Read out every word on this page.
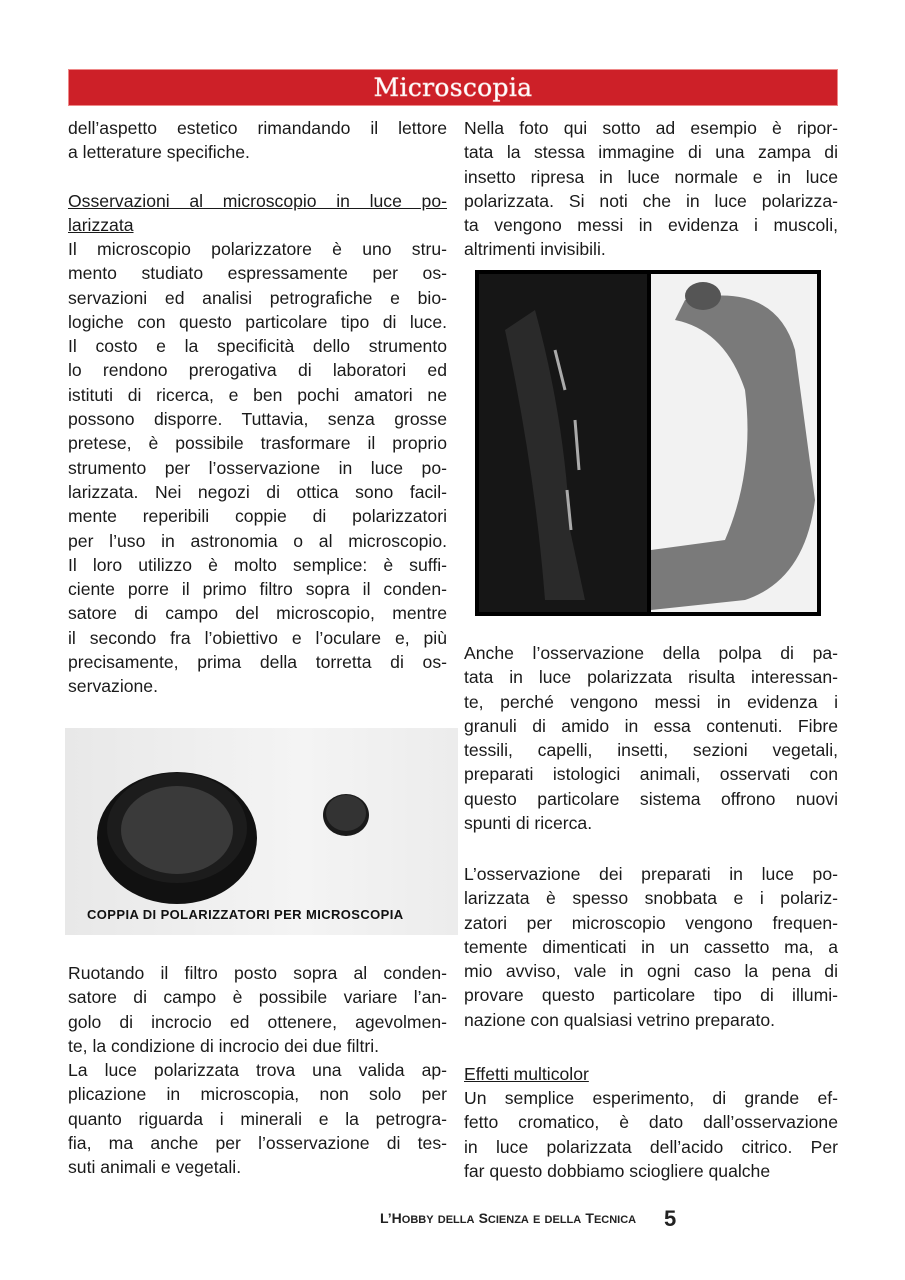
Microscopia
dell’aspetto estetico rimandando il lettore
a letterature specifiche.
Osservazioni al microscopio in luce po-
larizzata
Il microscopio polarizzatore è uno stru-
mento studiato espressamente per os-
servazioni ed analisi petrografiche e bio-
logiche con questo particolare tipo di luce.
Il costo e la specificità dello strumento
lo rendono prerogativa di laboratori ed
istituti di ricerca, e ben pochi amatori ne
possono disporre. Tuttavia, senza grosse
pretese, è possibile trasformare il proprio
strumento per l’osservazione in luce po-
larizzata. Nei negozi di ottica sono facil-
mente reperibili coppie di polarizzatori
per l’uso in astronomia o al microscopio.
Il loro utilizzo è molto semplice: è suffi-
ciente porre il primo filtro sopra il conden-
satore di campo del microscopio, mentre
il secondo fra l’obiettivo e l’oculare e, più
precisamente, prima della torretta di os-
servazione.
COPPIA DI POLARIZZATORI PER MICROSCOPIA
Ruotando il filtro posto sopra al conden-
satore di campo è possibile variare l’an-
golo di incrocio ed ottenere, agevolmen-
te, la condizione di incrocio dei due filtri.
La luce polarizzata trova una valida ap-
plicazione in microscopia, non solo per
quanto riguarda i minerali e la petrogra-
fia, ma anche per l’osservazione di tes-
suti animali e vegetali.
Nella foto qui sotto ad esempio è ripor-
tata la stessa immagine di una zampa di
insetto ripresa in luce normale e in luce
polarizzata. Si noti che in luce polarizza-
ta vengono messi in evidenza i muscoli,
altrimenti invisibili.
Anche l’osservazione della polpa di pa-
tata in luce polarizzata risulta interessan-
te, perché vengono messi in evidenza i
granuli di amido in essa contenuti. Fibre
tessili, capelli, insetti, sezioni vegetali,
preparati istologici animali, osservati con
questo particolare sistema offrono nuovi
spunti di ricerca.
L’osservazione dei preparati in luce po-
larizzata è spesso snobbata e i polariz-
zatori per microscopio vengono frequen-
temente dimenticati in un cassetto ma, a
mio avviso, vale in ogni caso la pena di
provare questo particolare tipo di illumi-
nazione con qualsiasi vetrino preparato.
Effetti multicolor
Un semplice esperimento, di grande ef-
fetto cromatico, è dato dall’osservazione
in luce polarizzata dell’acido citrico. Per
far questo dobbiamo sciogliere qualche
L’Hobby della Scienza e della Tecnica 5
